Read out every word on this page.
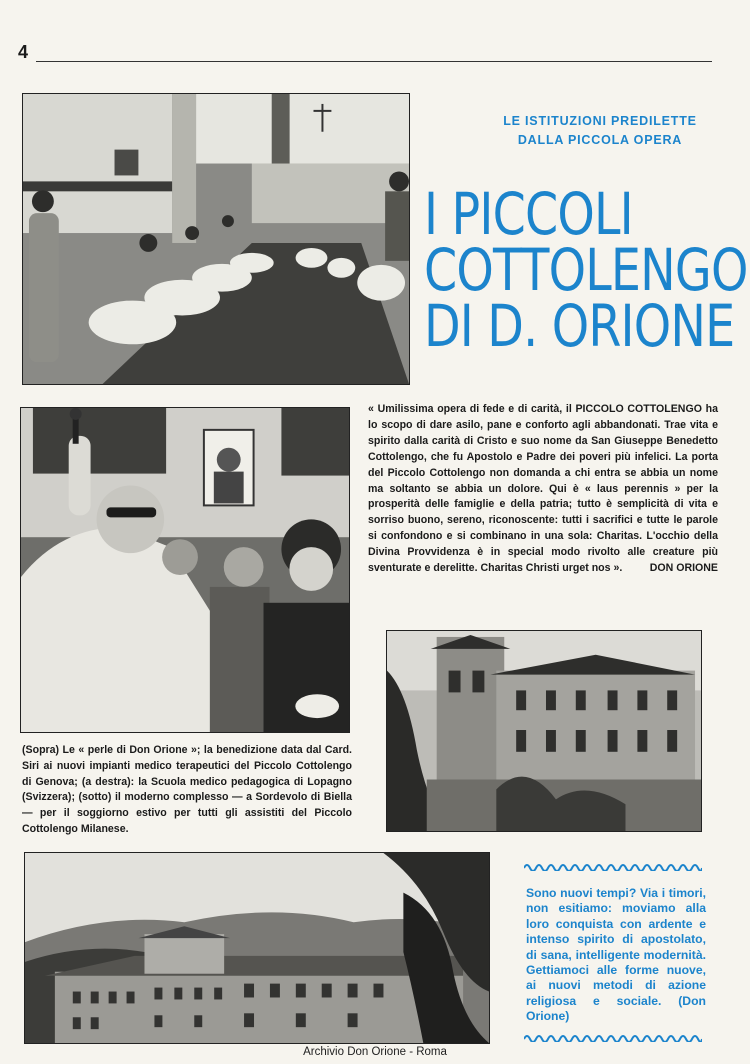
4
LE ISTITUZIONI PREDILETTE
DALLA PICCOLA OPERA
I PICCOLI
COTTOLENGO
DI D. ORIONE
« Umilissima opera di fede e di carità, il PICCOLO COTTOLENGO ha lo scopo di dare asilo, pane e conforto agli abbandonati. Trae vita e spirito dalla carità di Cristo e suo nome da San Giuseppe Benedetto Cottolengo, che fu Apostolo e Padre dei poveri più infelici. La porta del Piccolo Cottolengo non domanda a chi entra se abbia un nome ma soltanto se abbia un dolore. Qui è « laus perennis » per la prosperità delle famiglie e della patria; tutto è semplicità di vita e sorriso buono, sereno, riconoscente: tutti i sacrifici e tutte le parole si confondono e si combinano in una sola: Charitas. L'occhio della Divina Provvidenza è in special modo rivolto alle creature più sventurate e derelitte. Charitas Christi urget nos ».	DON ORIONE
(Sopra) Le « perle di Don Orione »; la benedizione data dal Card. Siri ai nuovi impianti medico terapeutici del Piccolo Cottolengo di Genova; (a destra): la Scuola medico pedagogica di Lopagno (Svizzera); (sotto) il moderno complesso — a Sordevolo di Biella — per il soggiorno estivo per tutti gli assistiti del Piccolo Cottolengo Milanese.
Sono nuovi tempi? Via i timori, non esitiamo: moviamo alla loro conquista con ardente e intenso spirito di apostolato, di sana, intelligente modernità. Gettiamoci alle forme nuove, ai nuovi metodi di azione religiosa e sociale. (Don Orione)
Archivio Don Orione - Roma
